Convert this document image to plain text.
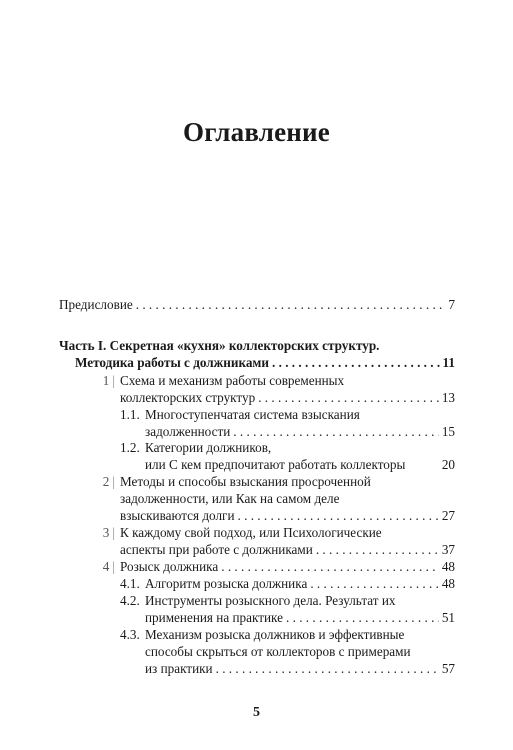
Оглавление
Предисловие . . .	7
Часть I. Секретная «кухня» коллекторских структур.
Методика работы с должниками . . .	11
1 | Схема и механизм работы современных
коллекторских структур . . .	13
1.1. Многоступенчатая система взыскания
задолженности . . .	15
1.2. Категории должников,
или С кем предпочитают работать коллекторы	20
2 | Методы и способы взыскания просроченной
задолженности, или Как на самом деле
взыскиваются долги . . .	27
3 | К каждому свой подход, или Психологические
аспекты при работе с должниками . . .	37
4 | Розыск должника . . .	48
4.1. Алгоритм розыска должника . . .	48
4.2. Инструменты розыскного дела. Результат их
применения на практике . . .	51
4.3. Механизм розыска должников и эффективные
способы скрыться от коллекторов с примерами
из практики . . .	57
5
